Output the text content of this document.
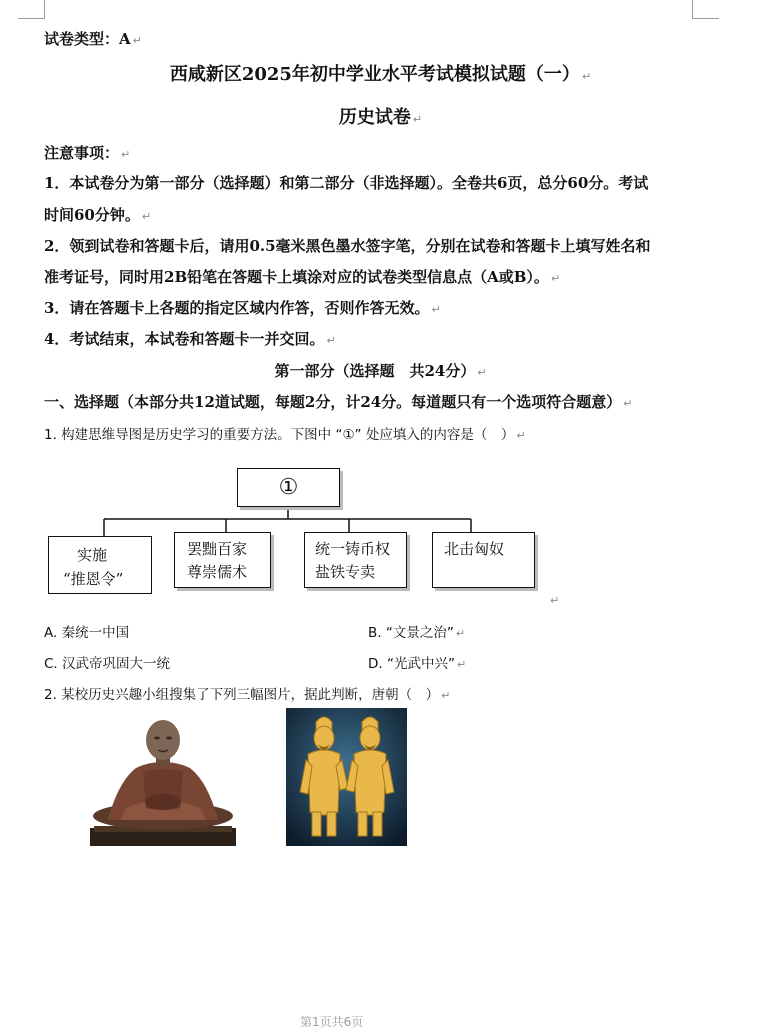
试卷类型：A ↵
西咸新区2025年初中学业水平考试模拟试题（一） ↵
历史试卷 ↵
注意事项： ↵
1．本试卷分为第一部分（选择题）和第二部分（非选择题）。全卷共6页，总分60分。考试
时间60分钟。 ↵
2．领到试卷和答题卡后，请用0.5毫米黑色墨水签字笔，分别在试卷和答题卡上填写姓名和
准考证号，同时用2B铅笔在答题卡上填涂对应的试卷类型信息点（A或B）。 ↵
3．请在答题卡上各题的指定区域内作答，否则作答无效。 ↵
4．考试结束，本试卷和答题卡一并交回。 ↵
第一部分（选择题　共24分） ↵
一、选择题（本部分共12道试题，每题2分，计24分。每道题只有一个选项符合题意） ↵
1. 构建思维导图是历史学习的重要方法。下图中 “①” 处应填入的内容是（　） ↵
①
实施
“推恩令”
罢黜百家
尊崇儒术
统一铸币权
盐铁专卖
北击匈奴
↵
A. 秦统一中国	B. “文景之治” ↵
C. 汉武帝巩固大一统	D. “光武中兴” ↵
2. 某校历史兴趣小组搜集了下列三幅图片，据此判断，唐朝（　） ↵
第1页共6页
